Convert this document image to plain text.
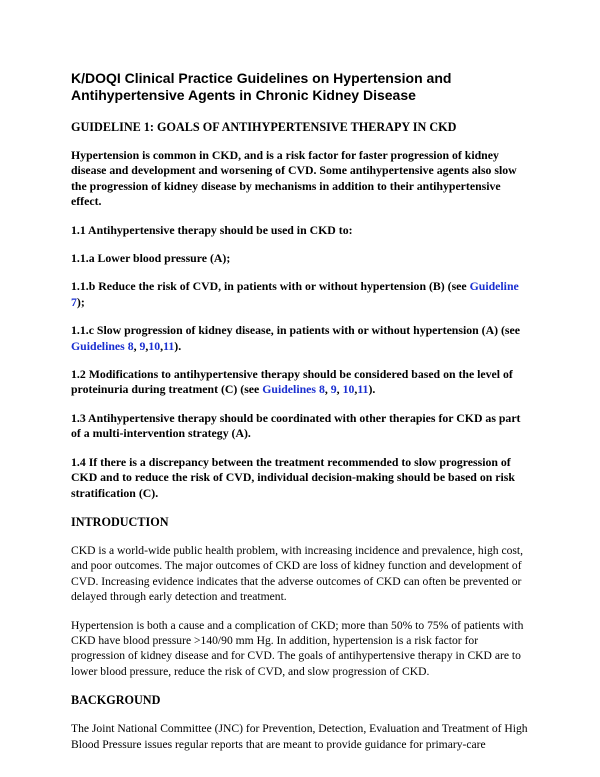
K/DOQI Clinical Practice Guidelines on Hypertension and
Antihypertensive Agents in Chronic Kidney Disease
GUIDELINE 1: GOALS OF ANTIHYPERTENSIVE THERAPY IN CKD

Hypertension is common in CKD, and is a risk factor for faster progression of kidney disease and development and worsening of CVD. Some antihypertensive agents also slow the progression of kidney disease by mechanisms in addition to their antihypertensive effect.

1.1 Antihypertensive therapy should be used in CKD to:

1.1.a Lower blood pressure (A);

1.1.b Reduce the risk of CVD, in patients with or without hypertension (B) (see Guideline
7);

1.1.c Slow progression of kidney disease, in patients with or without hypertension (A) (see Guidelines 8, 9,10,11).

1.2 Modifications to antihypertensive therapy should be considered based on the level of proteinuria during treatment (C) (see Guidelines 8, 9, 10,11).

1.3 Antihypertensive therapy should be coordinated with other therapies for CKD as part of a multi-intervention strategy (A).

1.4 If there is a discrepancy between the treatment recommended to slow progression of CKD and to reduce the risk of CVD, individual decision-making should be based on risk stratification (C).

INTRODUCTION

CKD is a world-wide public health problem, with increasing incidence and prevalence, high cost, and poor outcomes. The major outcomes of CKD are loss of kidney function and development of CVD. Increasing evidence indicates that the adverse outcomes of CKD can often be prevented or delayed through early detection and treatment.

Hypertension is both a cause and a complication of CKD; more than 50% to 75% of patients with CKD have blood pressure >140/90 mm Hg. In addition, hypertension is a risk factor for progression of kidney disease and for CVD. The goals of antihypertensive therapy in CKD are to lower blood pressure, reduce the risk of CVD, and slow progression of CKD.

BACKGROUND

The Joint National Committee (JNC) for Prevention, Detection, Evaluation and Treatment of High Blood Pressure issues regular reports that are meant to provide guidance for primary-care
